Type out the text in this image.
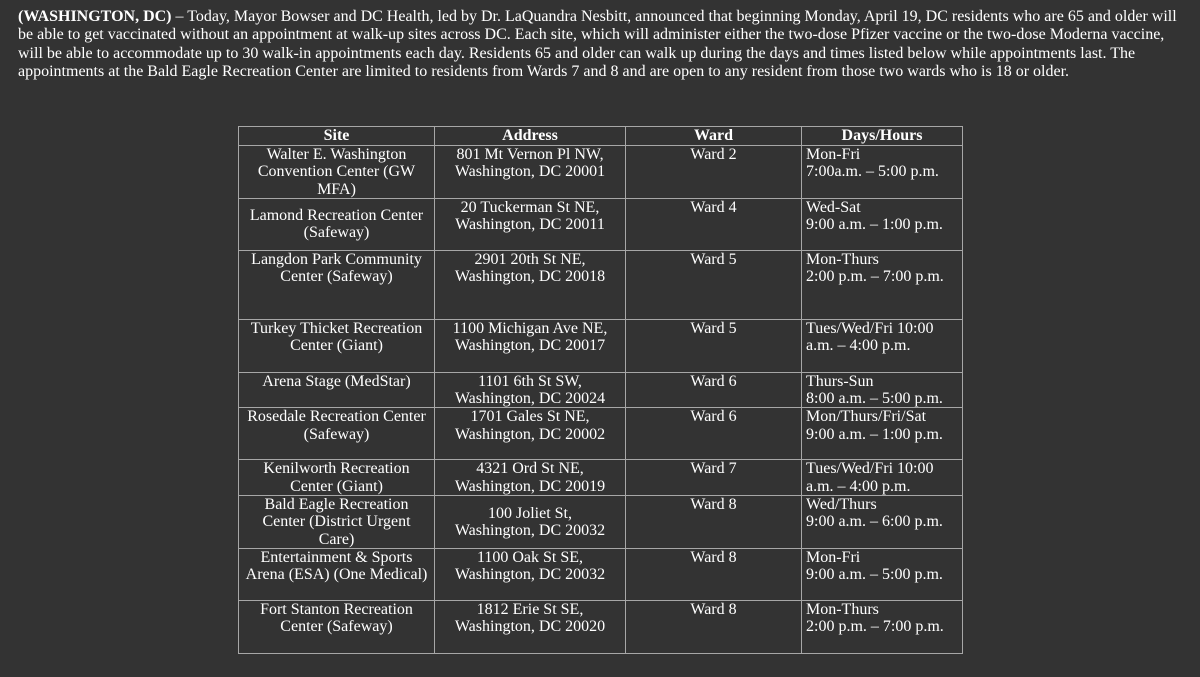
(WASHINGTON, DC) – Today, Mayor Bowser and DC Health, led by Dr. LaQuandra Nesbitt, announced that beginning Monday, April 19, DC residents who are 65 and older will be able to get vaccinated without an appointment at walk-up sites across DC. Each site, which will administer either the two-dose Pfizer vaccine or the two-dose Moderna vaccine, will be able to accommodate up to 30 walk-in appointments each day. Residents 65 and older can walk up during the days and times listed below while appointments last. The appointments at the Bald Eagle Recreation Center are limited to residents from Wards 7 and 8 and are open to any resident from those two wards who is 18 or older.

Site	Address	Ward	Days/Hours
Walter E. Washington Convention Center (GW MFA)	801 Mt Vernon Pl NW,
Washington, DC 20001	Ward 2	Mon-Fri
7:00a.m. – 5:00 p.m.
Lamond Recreation Center (Safeway)	20 Tuckerman St NE,
Washington, DC 20011	Ward 4	Wed-Sat
9:00 a.m. – 1:00 p.m.
Langdon Park Community Center (Safeway)	2901 20th St NE,
Washington, DC 20018	Ward 5	Mon-Thurs
2:00 p.m. – 7:00 p.m.
Turkey Thicket Recreation Center (Giant)	1100 Michigan Ave NE,
Washington, DC 20017	Ward 5	Tues/Wed/Fri 10:00 a.m. – 4:00 p.m.
Arena Stage (MedStar)	1101 6th St SW,
Washington, DC 20024	Ward 6	Thurs-Sun
8:00 a.m. – 5:00 p.m.
Rosedale Recreation Center (Safeway)	1701 Gales St NE,
Washington, DC 20002	Ward 6	Mon/Thurs/Fri/Sat
9:00 a.m. – 1:00 p.m.
Kenilworth Recreation Center (Giant)	4321 Ord St NE,
Washington, DC 20019	Ward 7	Tues/Wed/Fri 10:00 a.m. – 4:00 p.m.
Bald Eagle Recreation Center (District Urgent Care)	100 Joliet St,
Washington, DC 20032	Ward 8	Wed/Thurs
9:00 a.m. – 6:00 p.m.
Entertainment & Sports Arena (ESA) (One Medical)	1100 Oak St SE,
Washington, DC 20032	Ward 8	Mon-Fri
9:00 a.m. – 5:00 p.m.
Fort Stanton Recreation Center (Safeway)	1812 Erie St SE,
Washington, DC 20020	Ward 8	Mon-Thurs
2:00 p.m. – 7:00 p.m.
